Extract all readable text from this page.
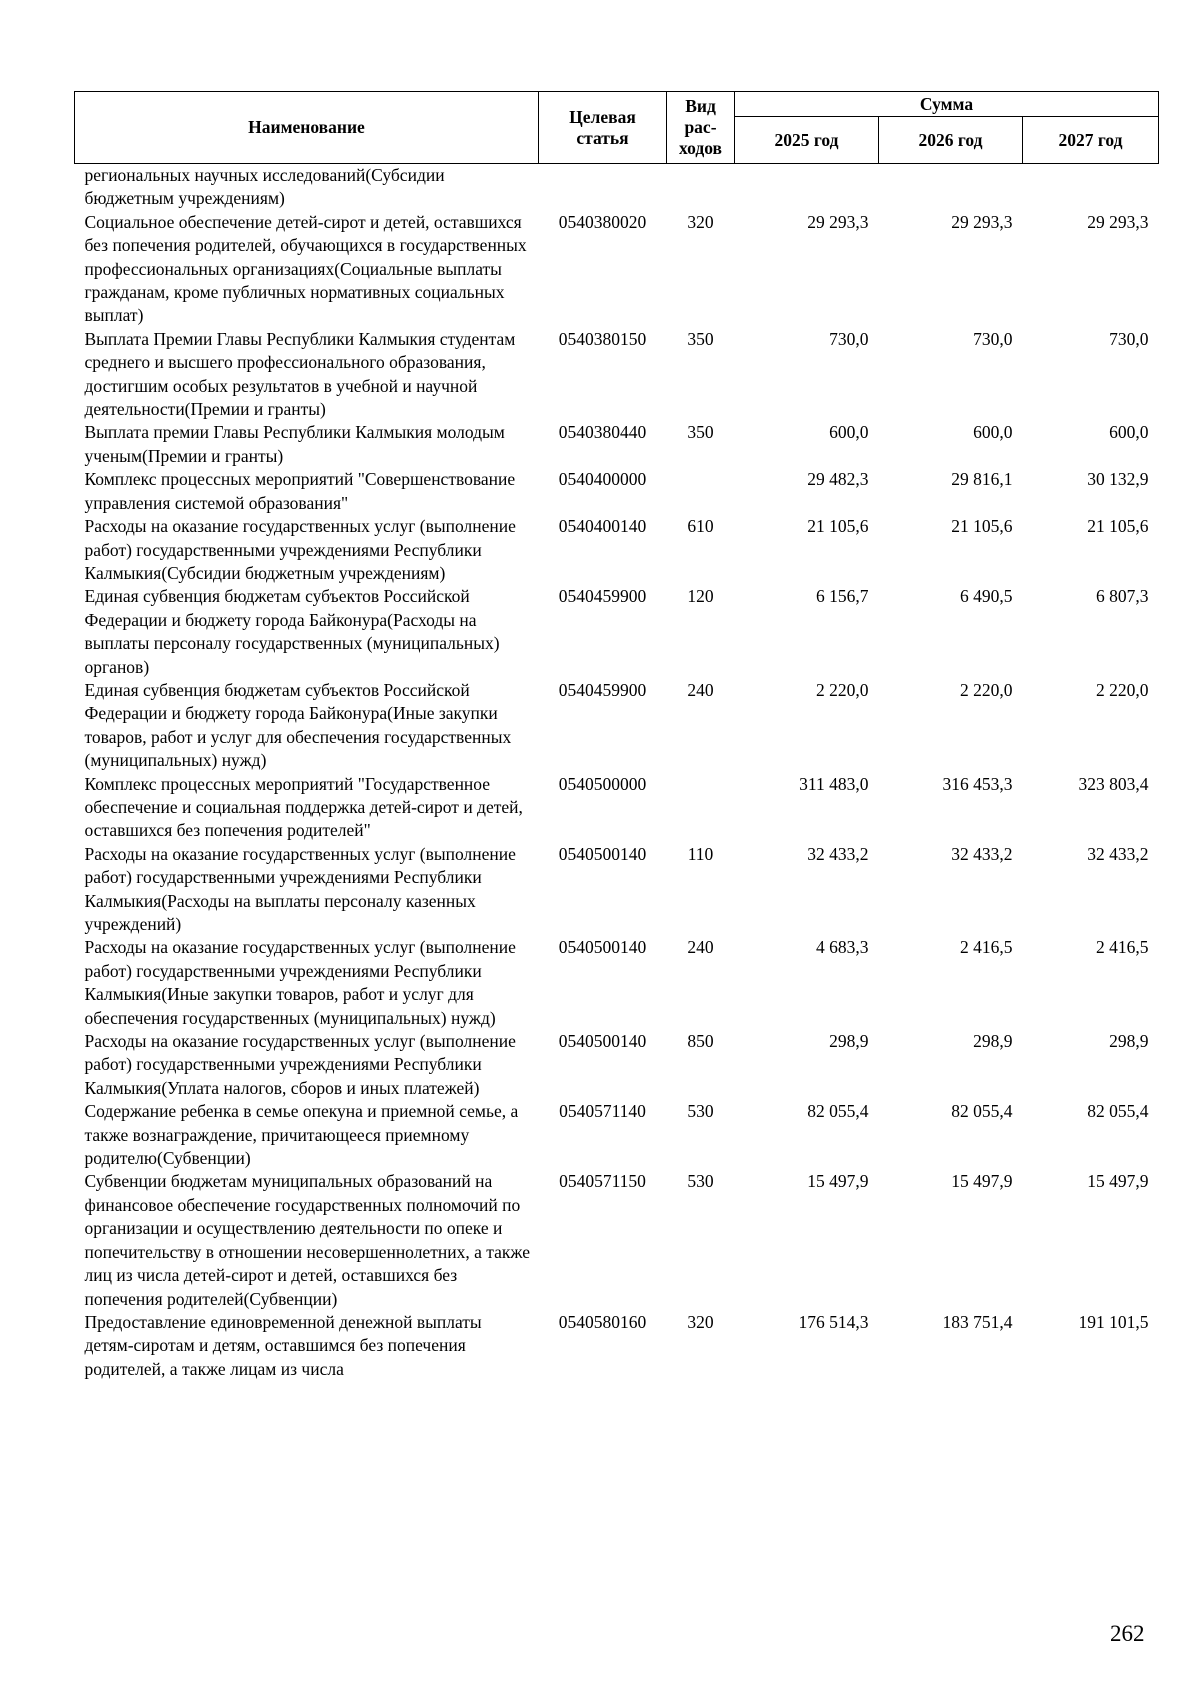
Наименование	Целевая статья	Вид рас-ходов	Сумма		
			2025 год	2026 год	2027 год
региональных научных исследований(Субсидии бюджетным учреждениям)					
Социальное обеспечение детей-сирот и детей, оставшихся без попечения родителей, обучающихся в государственных профессиональных организациях(Социальные выплаты гражданам, кроме публичных нормативных социальных выплат)	0540380020	320	29 293,3	29 293,3	29 293,3
Выплата Премии Главы Республики Калмыкия студентам среднего и высшего профессионального образования, достигшим особых результатов в учебной и научной деятельности(Премии и гранты)	0540380150	350	730,0	730,0	730,0
Выплата премии Главы Республики Калмыкия молодым ученым(Премии и гранты)	0540380440	350	600,0	600,0	600,0
Комплекс процессных мероприятий "Совершенствование управления системой образования"	0540400000		29 482,3	29 816,1	30 132,9
Расходы на оказание государственных услуг (выполнение работ) государственными учреждениями Республики Калмыкия(Субсидии бюджетным учреждениям)	0540400140	610	21 105,6	21 105,6	21 105,6
Единая субвенция бюджетам субъектов Российской Федерации и бюджету города Байконура(Расходы на выплаты персоналу государственных (муниципальных) органов)	0540459900	120	6 156,7	6 490,5	6 807,3
Единая субвенция бюджетам субъектов Российской Федерации и бюджету города Байконура(Иные закупки товаров, работ и услуг для обеспечения государственных (муниципальных) нужд)	0540459900	240	2 220,0	2 220,0	2 220,0
Комплекс процессных мероприятий "Государственное обеспечение и социальная поддержка детей-сирот и детей, оставшихся без попечения родителей"	0540500000		311 483,0	316 453,3	323 803,4
Расходы на оказание государственных услуг (выполнение работ) государственными учреждениями Республики Калмыкия(Расходы на выплаты персоналу казенных учреждений)	0540500140	110	32 433,2	32 433,2	32 433,2
Расходы на оказание государственных услуг (выполнение работ) государственными учреждениями Республики Калмыкия(Иные закупки товаров, работ и услуг для обеспечения государственных (муниципальных) нужд)	0540500140	240	4 683,3	2 416,5	2 416,5
Расходы на оказание государственных услуг (выполнение работ) государственными учреждениями Республики Калмыкия(Уплата налогов, сборов и иных платежей)	0540500140	850	298,9	298,9	298,9
Содержание ребенка в семье опекуна и приемной семье, а также вознаграждение, причитающееся приемному родителю(Субвенции)	0540571140	530	82 055,4	82 055,4	82 055,4
Субвенции бюджетам муниципальных образований на финансовое обеспечение государственных полномочий по организации и осуществлению деятельности по опеке и попечительству в отношении несовершеннолетних, а также лиц из числа детей-сирот и детей, оставшихся без попечения родителей(Субвенции)	0540571150	530	15 497,9	15 497,9	15 497,9
Предоставление единовременной денежной выплаты детям-сиротам и детям, оставшимся без попечения родителей, а также лицам из числа	0540580160	320	176 514,3	183 751,4	191 101,5
262
